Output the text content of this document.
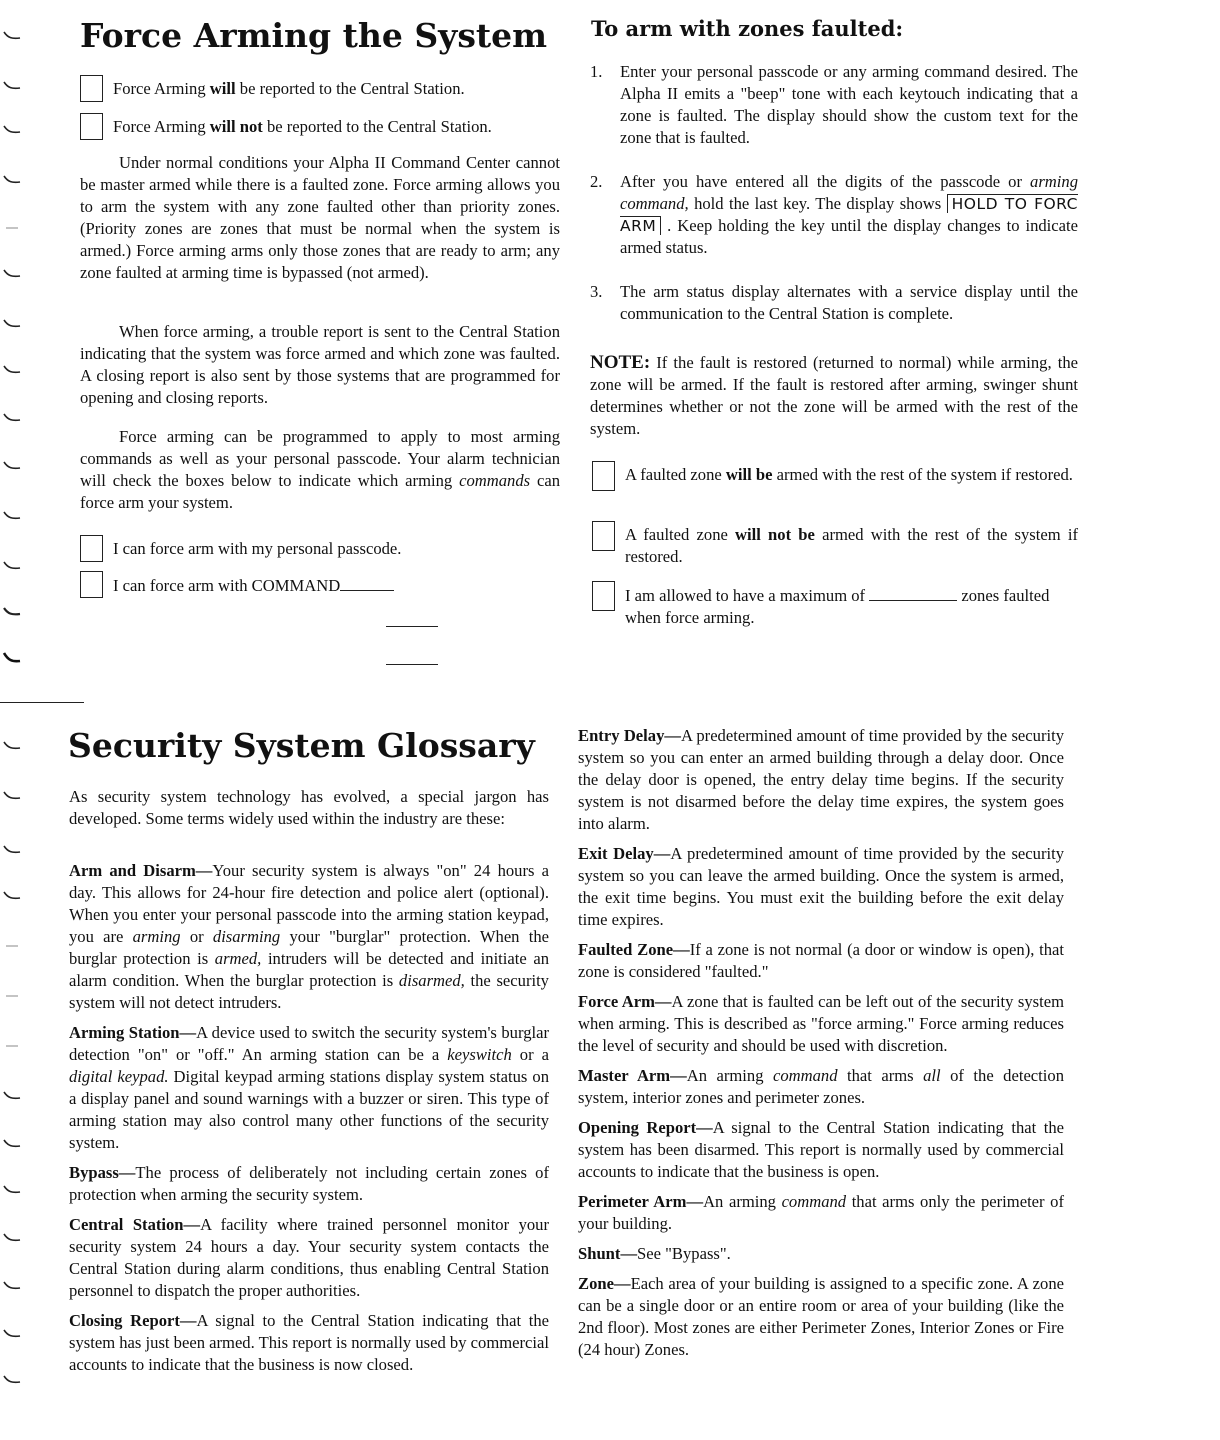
Force Arming the System
Force Arming will be reported to the Central Station.
Force Arming will not be reported to the Central Station.

Under normal conditions your Alpha II Command Center cannot be master armed while there is a faulted zone. Force arming allows you to arm the system with any zone faulted other than priority zones. (Priority zones are zones that must be normal when the system is armed.) Force arming arms only those zones that are ready to arm; any zone faulted at arming time is bypassed (not armed).

When force arming, a trouble report is sent to the Central Station indicating that the system was force armed and which zone was faulted. A closing report is also sent by those systems that are programmed for opening and closing reports.

Force arming can be programmed to apply to most arming commands as well as your personal passcode. Your alarm technician will check the boxes below to indicate which arming commands can force arm your system.

I can force arm with my personal passcode.
I can force arm with COMMAND
To arm with zones faulted:
1.	Enter your personal passcode or any arming command desired. The Alpha II emits a "beep" tone with each keytouch indicating that a zone is faulted. The display should show the custom text for the zone that is faulted.
2.	After you have entered all the digits of the passcode or arming command, hold the last key. The display shows HOLD TO FORC ARM . Keep holding the key until the display changes to indicate armed status.
3.	The arm status display alternates with a service display until the communication to the Central Station is complete.

NOTE: If the fault is restored (returned to normal) while arming, the zone will be armed. If the fault is restored after arming, swinger shunt determines whether or not the zone will be armed with the rest of the system.

A faulted zone will be armed with the rest of the system if restored.
A faulted zone will not be armed with the rest of the system if restored.
I am allowed to have a maximum of	zones faulted when force arming.
Security System Glossary

As security system technology has evolved, a special jargon has developed. Some terms widely used within the industry are these:

Arm and Disarm—Your security system is always "on" 24 hours a day. This allows for 24-hour fire detection and police alert (optional). When you enter your personal passcode into the arming station keypad, you are arming or disarming your "burglar" protection. When the burglar protection is armed, intruders will be detected and initiate an alarm condition. When the burglar protection is disarmed, the security system will not detect intruders.

Arming Station—A device used to switch the security system's burglar detection "on" or "off." An arming station can be a keyswitch or a digital keypad. Digital keypad arming stations display system status on a display panel and sound warnings with a buzzer or siren. This type of arming station may also control many other functions of the security system.

Bypass—The process of deliberately not including certain zones of protection when arming the security system.

Central Station—A facility where trained personnel monitor your security system 24 hours a day. Your security system contacts the Central Station during alarm conditions, thus enabling Central Station personnel to dispatch the proper authorities.

Closing Report—A signal to the Central Station indicating that the system has just been armed. This report is normally used by commercial accounts to indicate that the business is now closed.

Entry Delay—A predetermined amount of time provided by the security system so you can enter an armed building through a delay door. Once the delay door is opened, the entry delay time begins. If the security system is not disarmed before the delay time expires, the system goes into alarm.

Exit Delay—A predetermined amount of time provided by the security system so you can leave the armed building. Once the system is armed, the exit time begins. You must exit the building before the exit delay time expires.

Faulted Zone—If a zone is not normal (a door or window is open), that zone is considered "faulted."

Force Arm—A zone that is faulted can be left out of the security system when arming. This is described as "force arming." Force arming reduces the level of security and should be used with discretion.

Master Arm—An arming command that arms all of the detection system, interior zones and perimeter zones.

Opening Report—A signal to the Central Station indicating that the system has been disarmed. This report is normally used by commercial accounts to indicate that the business is open.

Perimeter Arm—An arming command that arms only the perimeter of your building.

Shunt—See "Bypass".

Zone—Each area of your building is assigned to a specific zone. A zone can be a single door or an entire room or area of your building (like the 2nd floor). Most zones are either Perimeter Zones, Interior Zones or Fire (24 hour) Zones.
